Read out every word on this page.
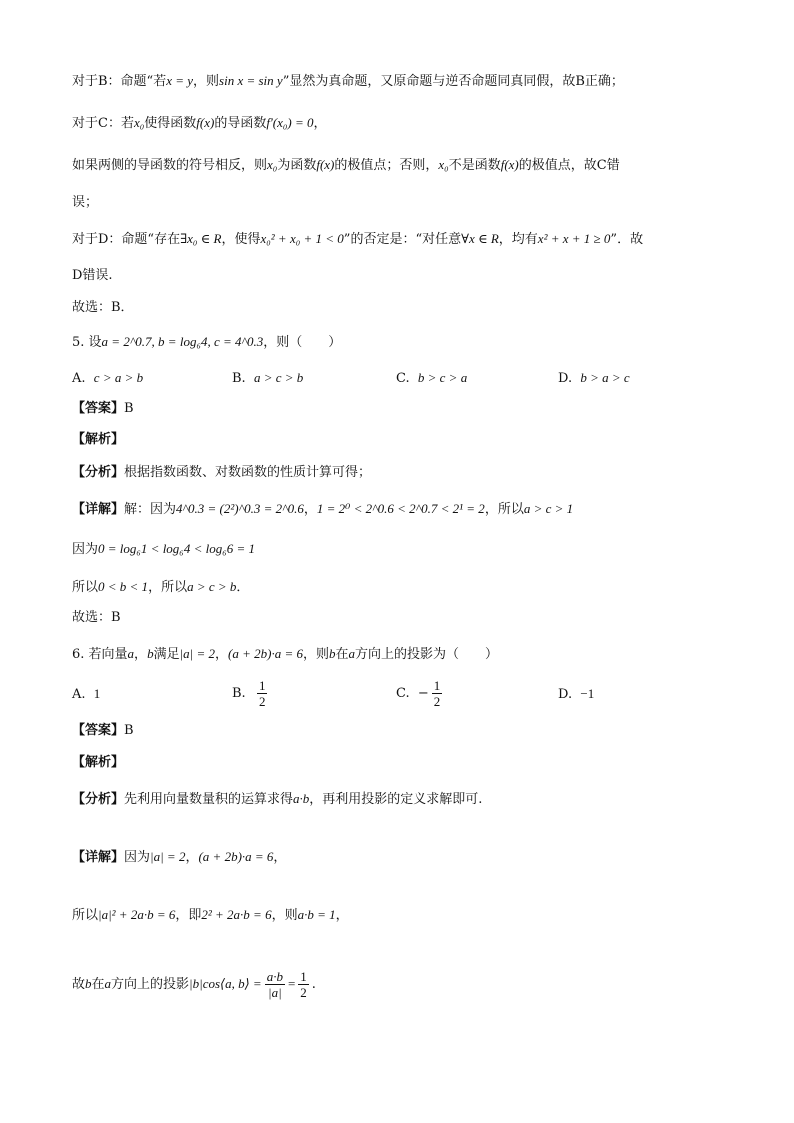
对于B：命题“若x = y，则sin x = sin y”显然为真命题，又原命题与逆否命题同真同假，故B正确；
对于C：若x₀使得函数f(x)的导函数f′(x₀) = 0，
如果两侧的导函数的符号相反，则x₀为函数f(x)的极值点；否则，x₀不是函数f(x)的极值点，故C错
误；
对于D：命题“存在∃x₀ ∈ R，使得x₀² + x₀ + 1 < 0”的否定是：“对任意∀x ∈ R，均有x² + x + 1 ≥ 0”．故
D错误.
故选：B．
5. 设a = 2^0.7, b = log₆4, c = 4^0.3，则（　　）
A. c > a > b	B. a > c > b	C. b > c > a	D. b > a > c
【答案】B
【解析】
【分析】根据指数函数、对数函数的性质计算可得；
【详解】解：因为4^0.3 = (2²)^0.3 = 2^0.6，1 = 2⁰ < 2^0.6 < 2^0.7 < 2¹ = 2，所以a > c > 1
因为0 = log₆1 < log₆4 < log₆6 = 1
所以0 < b < 1，所以a > c > b．
故选：B
6. 若向量a，b满足|a| = 2，(a + 2b)·a = 6，则b在a方向上的投影为（　　）
A. 1	B. $\frac{1}{2}$	C. − $\frac{1}{2}$	D. −1
【答案】B
【解析】
【分析】先利用向量数量积的运算求得a·b，再利用投影的定义求解即可.
【详解】因为|a| = 2，(a + 2b)·a = 6，
所以|a|² + 2a·b = 6，即2² + 2a·b = 6，则a·b = 1，
故b在a方向上的投影|b|cos⟨a, b⟩ = $\frac{a\cdot b}{|a|} = \frac{1}{2}$ .
